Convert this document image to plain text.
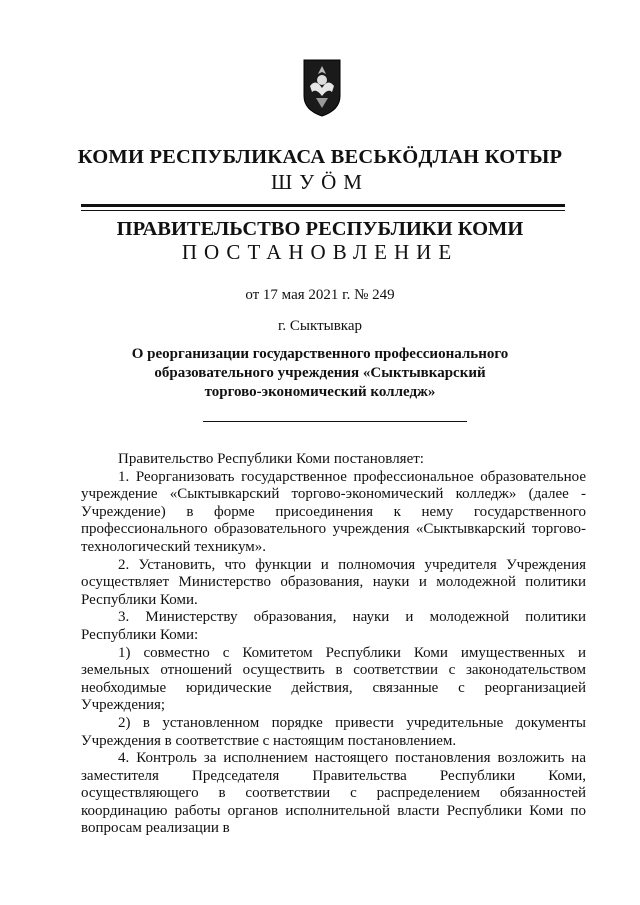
КОМИ РЕСПУБЛИКАСА ВЕСЬКӦДЛАН КОТЫР
ШУӦМ
ПРАВИТЕЛЬСТВО РЕСПУБЛИКИ КОМИ
ПОСТАНОВЛЕНИЕ
от 17 мая 2021 г. № 249
г. Сыктывкар
О реорганизации государственного профессионального
образовательного учреждения «Сыктывкарский
торгово-экономический колледж»

Правительство Республики Коми постановляет:

1. Реорганизовать государственное профессиональное образовательное учреждение «Сыктывкарский торгово-экономический колледж» (далее - Учреждение) в форме присоединения к нему государственного профессионального образовательного учреждения «Сыктывкарский торгово-технологический техникум».

2. Установить, что функции и полномочия учредителя Учреждения осуществляет Министерство образования, науки и молодежной политики Республики Коми.

3. Министерству образования, науки и молодежной политики Республики Коми:

1) совместно с Комитетом Республики Коми имущественных и земельных отношений осуществить в соответствии с законодательством необходимые юридические действия, связанные с реорганизацией Учреждения;

2) в установленном порядке привести учредительные документы Учреждения в соответствие с настоящим постановлением.

4. Контроль за исполнением настоящего постановления возложить на заместителя Председателя Правительства Республики Коми, осуществляющего в соответствии с распределением обязанностей координацию работы органов исполнительной власти Республики Коми по вопросам реализации в
